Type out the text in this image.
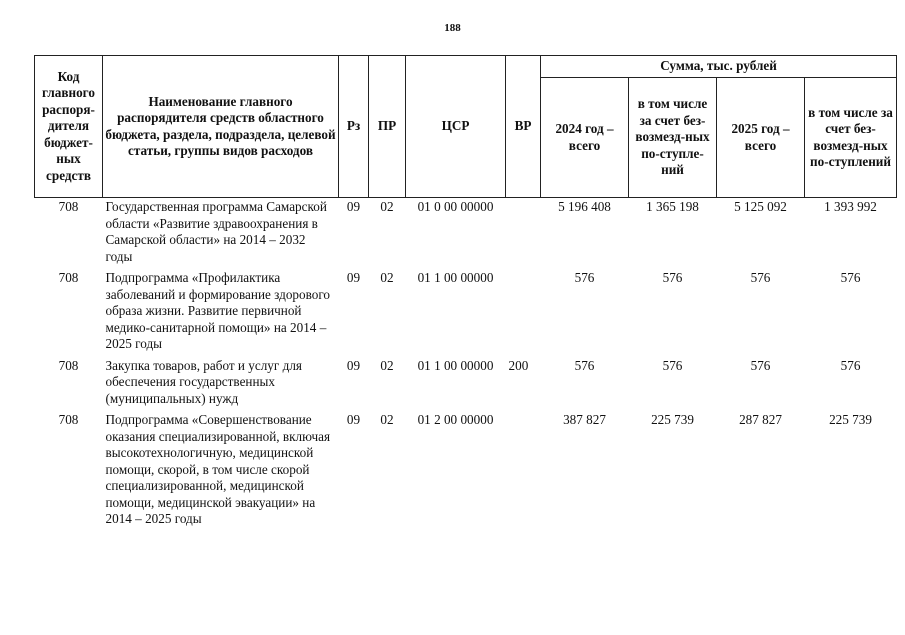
188
Код главного распоря-дителя бюджет-ных средств	Наименование главного распорядителя средств областного бюджета, раздела, подраздела, целевой статьи, группы видов расходов	Рз	ПР	ЦСР	ВР	Сумма, тыс. рублей			
						2024 год – всего	в том числе за счет без-возмезд-ных по-ступле-ний	2025 год – всего	в том числе за счет без-возмезд-ных по-ступлений
708	Государственная программа Самарской области «Развитие здравоохранения в Самарской области» на 2014 – 2032 годы	09	02	01 0 00 00000		5 196 408	1 365 198	5 125 092	1 393 992
708	Подпрограмма «Профилактика заболеваний и формирование здорового образа жизни. Развитие первичной медико-санитарной помощи» на 2014 – 2025 годы	09	02	01 1 00 00000		576	576	576	576
708	Закупка товаров, работ и услуг для обеспечения государственных (муниципальных) нужд	09	02	01 1 00 00000	200	576	576	576	576
708	Подпрограмма «Совершенствование оказания специализированной, включая высокотехнологичную, медицинской помощи, скорой, в том числе скорой специализированной, медицинской помощи, медицинской эвакуации» на 2014 – 2025 годы	09	02	01 2 00 00000		387 827	225 739	287 827	225 739
